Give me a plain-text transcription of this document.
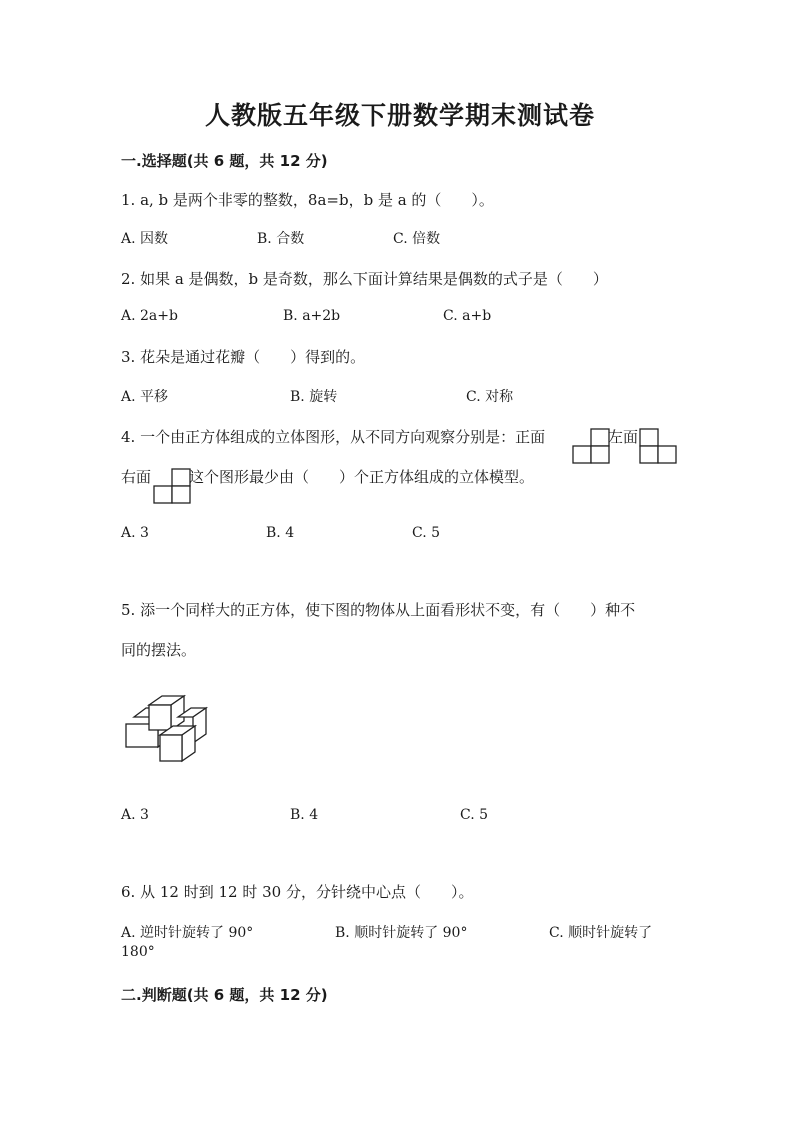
人教版五年级下册数学期末测试卷
一.选择题(共 6 题，共 12 分)
1. a, b 是两个非零的整数，8a=b，b 是 a 的（　　）。
A. 因数	B. 合数	C. 倍数
2. 如果 a 是偶数，b 是奇数，那么下面计算结果是偶数的式子是（　　）
A. 2a+b	B. a+2b	C. a+b
3. 花朵是通过花瓣（　　）得到的。
A. 平移	B. 旋转	C. 对称
4. 一个由正方体组成的立体图形，从不同方向观察分别是：正面	左面
右面	这个图形最少由（　　）个正方体组成的立体模型。
A. 3	B. 4	C. 5
5. 添一个同样大的正方体，使下图的物体从上面看形状不变，有（　　）种不
同的摆法。
A. 3	B. 4	C. 5
6. 从 12 时到 12 时 30 分，分针绕中心点（　　）。
A. 逆时针旋转了 90°	B. 顺时针旋转了 90°	C. 顺时针旋转了
180°
二.判断题(共 6 题，共 12 分)
